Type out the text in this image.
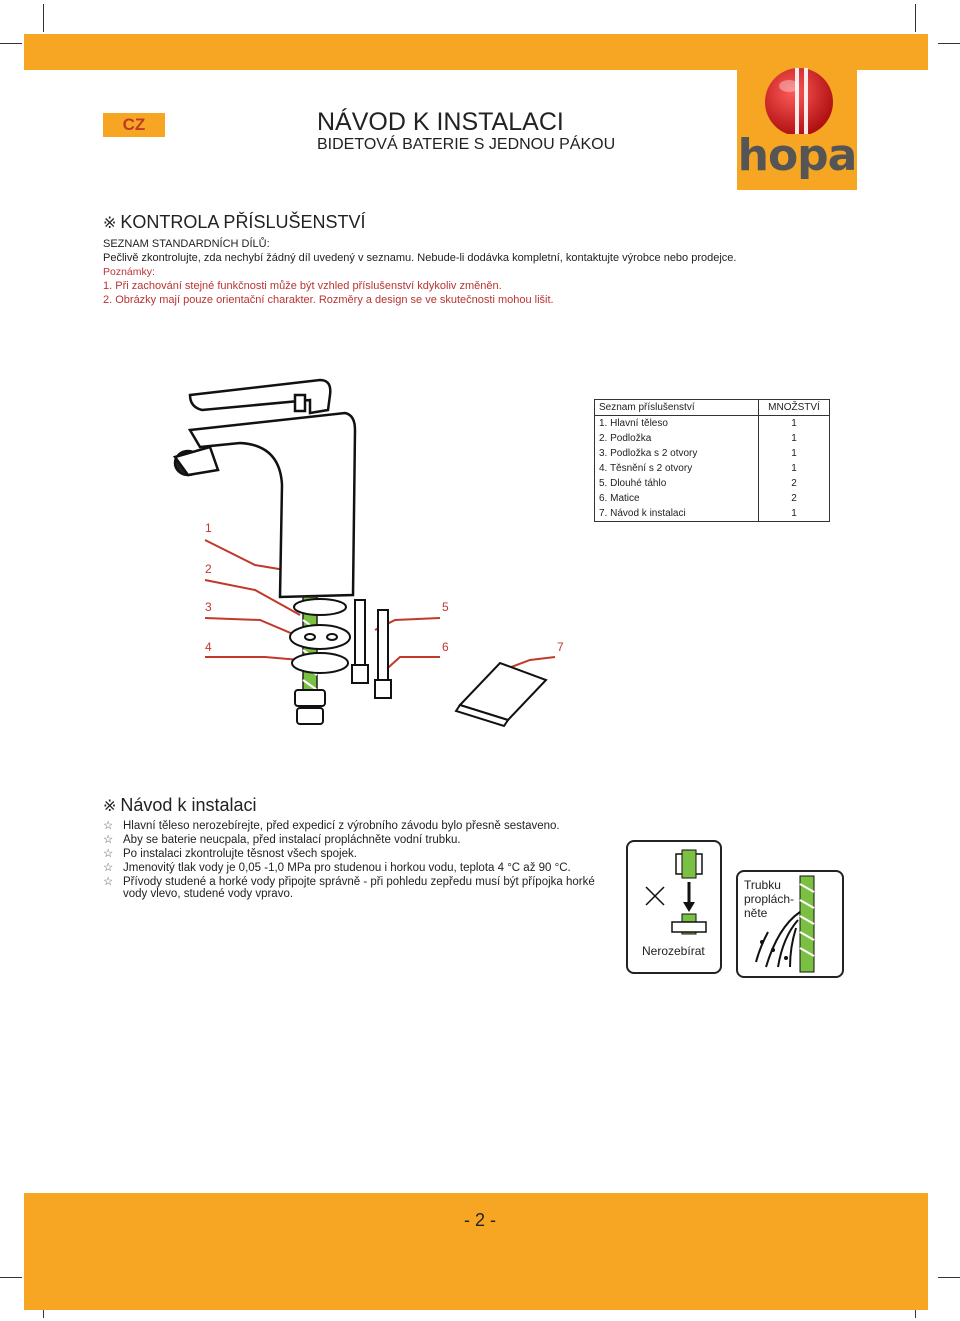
hopa
CZ	NÁVOD K INSTALACI
BIDETOVÁ BATERIE S JEDNOU PÁKOU
※ KONTROLA PŘÍSLUŠENSTVÍ
SEZNAM STANDARDNÍCH DÍLŮ:
Pečlivě zkontrolujte, zda nechybí žádný díl uvedený v seznamu. Nebude-li dodávka kompletní, kontaktujte výrobce nebo prodejce.
Poznámky:
1. Při zachování stejné funkčnosti může být vzhled příslušenství kdykoliv změněn.
2. Obrázky mají pouze orientační charakter. Rozměry a design se ve skutečnosti mohou lišit.
1
2
3
4
5
6	7
Seznam příslušenství	MNOŽSTVÍ
1. Hlavní těleso	1
2. Podložka	1
3. Podložka s 2 otvory	1
4. Těsnění s 2 otvory	1
5. Dlouhé táhlo	2
6. Matice	2
7. Návod k instalaci	1
※ Návod k instalaci
☆ Hlavní těleso nerozebírejte, před expedicí z výrobního závodu bylo přesně sestaveno.
☆ Aby se baterie neucpala, před instalací propláchněte vodní trubku.
☆ Po instalaci zkontrolujte těsnost všech spojek.
☆ Jmenovitý tlak vody je 0,05 -1,0 MPa pro studenou i horkou vodu, teplota 4 °C až 90 °C.
☆ Přívody studené a horké vody připojte správně - při pohledu zepředu musí být přípojka horké
vody vlevo, studené vody vpravo.
Nerozebírat
Trubku
proplách-
něte
- 2 -
